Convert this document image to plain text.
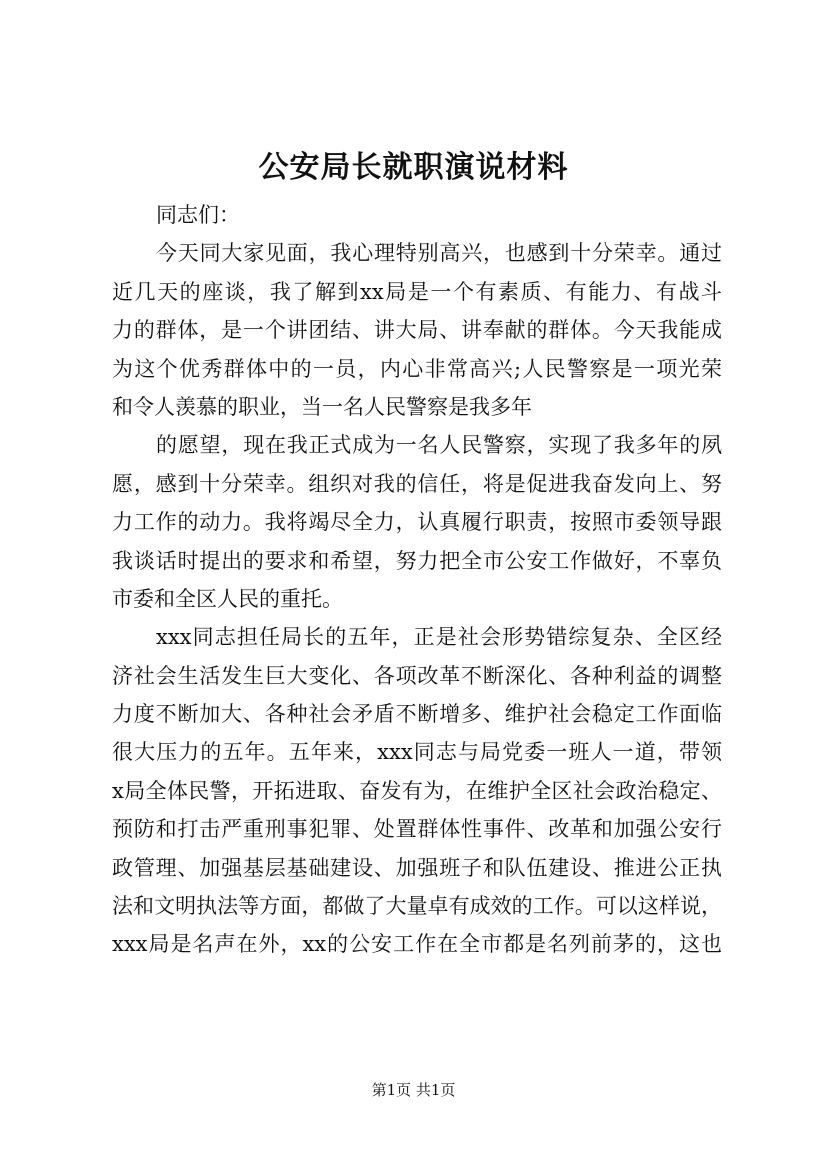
公安局长就职演说材料
同志们：
今天同大家见面，我心理特别高兴，也感到十分荣幸。通过
近几天的座谈，我了解到xx局是一个有素质、有能力、有战斗
力的群体，是一个讲团结、讲大局、讲奉献的群体。今天我能成
为这个优秀群体中的一员，内心非常高兴;人民警察是一项光荣
和令人羡慕的职业，当一名人民警察是我多年
的愿望，现在我正式成为一名人民警察，实现了我多年的夙
愿，感到十分荣幸。组织对我的信任，将是促进我奋发向上、努
力工作的动力。我将竭尽全力，认真履行职责，按照市委领导跟
我谈话时提出的要求和希望，努力把全市公安工作做好，不辜负
市委和全区人民的重托。
xxx同志担任局长的五年，正是社会形势错综复杂、全区经
济社会生活发生巨大变化、各项改革不断深化、各种利益的调整
力度不断加大、各种社会矛盾不断增多、维护社会稳定工作面临
很大压力的五年。五年来，xxx同志与局党委一班人一道，带领
x局全体民警，开拓进取、奋发有为，在维护全区社会政治稳定、
预防和打击严重刑事犯罪、处置群体性事件、改革和加强公安行
政管理、加强基层基础建设、加强班子和队伍建设、推进公正执
法和文明执法等方面，都做了大量卓有成效的工作。可以这样说，
xxx局是名声在外，xx的公安工作在全市都是名列前茅的，这也
第1页 共1页
